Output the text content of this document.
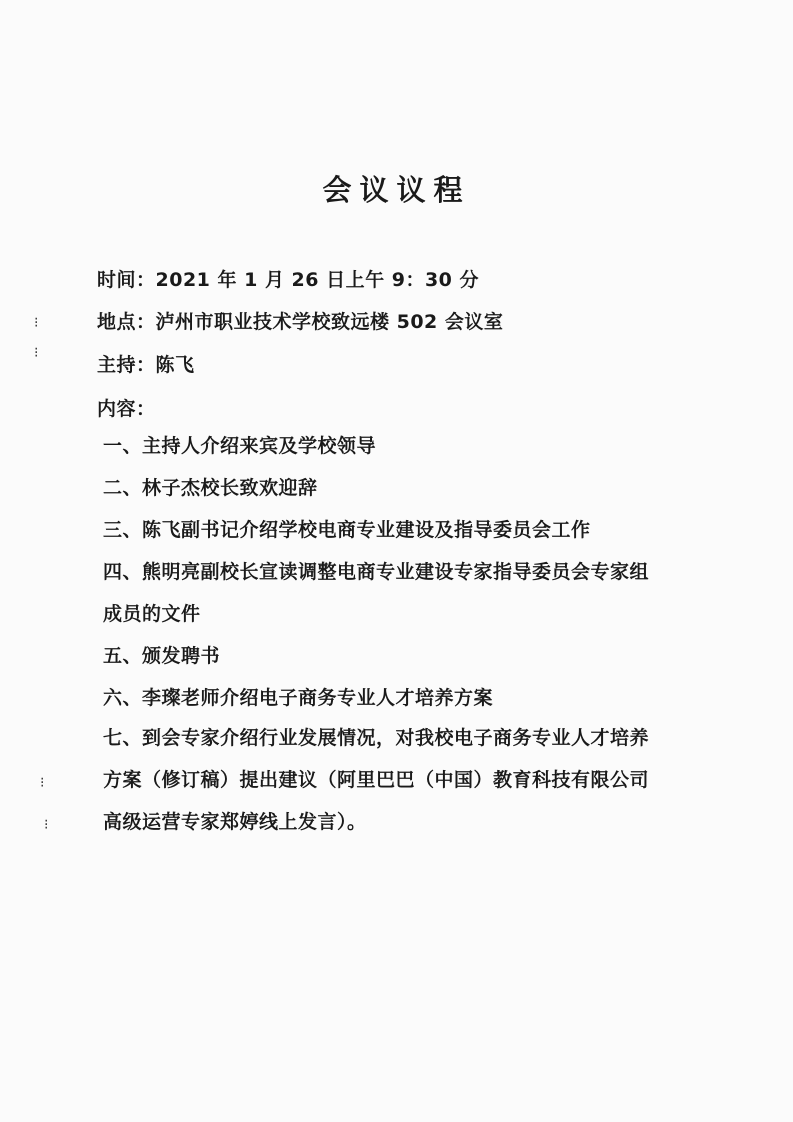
会议议程
时间：2021 年 1 月 26 日上午 9：30 分
地点：泸州市职业技术学校致远楼 502 会议室
主持：陈飞
内容：
一、主持人介绍来宾及学校领导
二、林子杰校长致欢迎辞
三、陈飞副书记介绍学校电商专业建设及指导委员会工作
四、熊明亮副校长宣读调整电商专业建设专家指导委员会专家组
成员的文件
五、颁发聘书
六、李璨老师介绍电子商务专业人才培养方案
七、到会专家介绍行业发展情况，对我校电子商务专业人才培养
方案（修订稿）提出建议（阿里巴巴（中国）教育科技有限公司
高级运营专家郑婷线上发言）。
⁝
⁝
⁝
⁝
